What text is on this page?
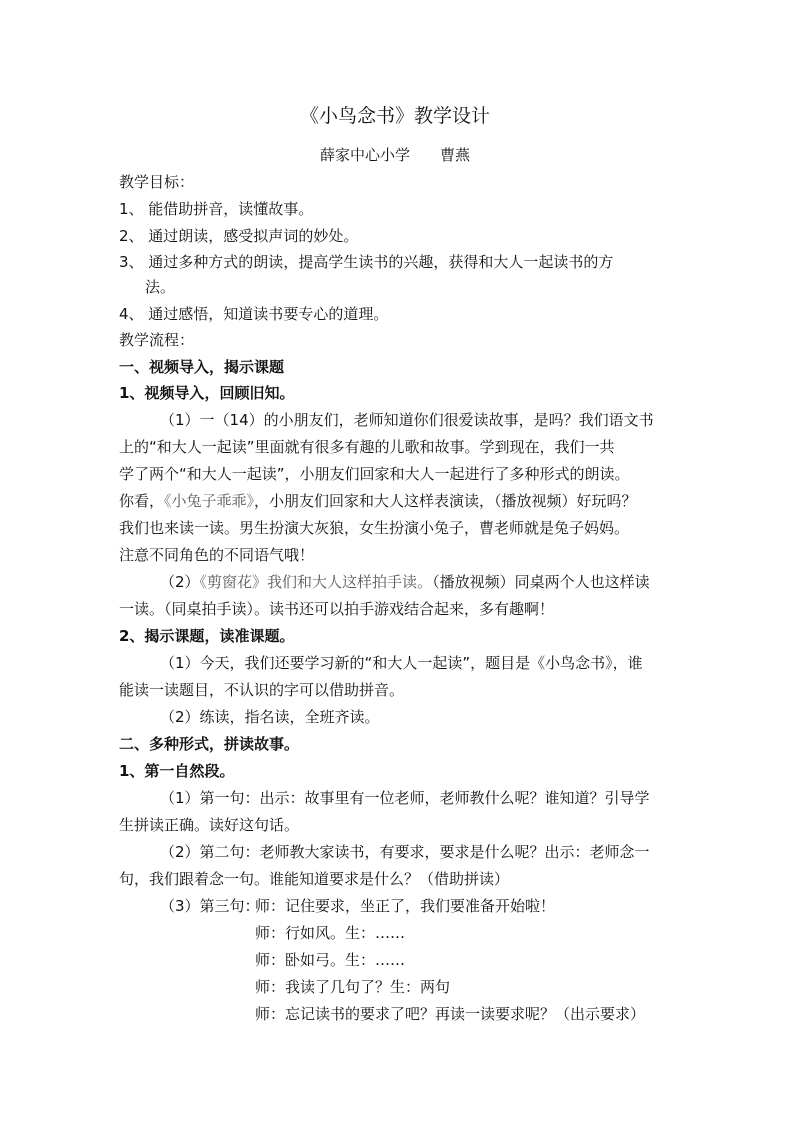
《小鸟念书》教学设计
薛家中心小学　　曹燕
教学目标：
1、 能借助拼音，读懂故事。
2、 通过朗读，感受拟声词的妙处。
3、 通过多种方式的朗读，提高学生读书的兴趣，获得和大人一起读书的方
法。
4、 通过感悟，知道读书要专心的道理。
教学流程：
一、视频导入，揭示课题
1、视频导入，回顾旧知。
（1）一（14）的小朋友们，老师知道你们很爱读故事，是吗？我们语文书
上的“和大人一起读”里面就有很多有趣的儿歌和故事。学到现在，我们一共
学了两个“和大人一起读”，小朋友们回家和大人一起进行了多种形式的朗读。
你看，《小兔子乖乖》，小朋友们回家和大人这样表演读，（播放视频）好玩吗？
我们也来读一读。男生扮演大灰狼，女生扮演小兔子，曹老师就是兔子妈妈。
注意不同角色的不同语气哦！
（2）《剪窗花》我们和大人这样拍手读。（播放视频）同桌两个人也这样读
一读。（同桌拍手读）。读书还可以拍手游戏结合起来，多有趣啊！
2、揭示课题，读准课题。
（1）今天，我们还要学习新的“和大人一起读”，题目是《小鸟念书》，谁
能读一读题目，不认识的字可以借助拼音。
（2）练读，指名读，全班齐读。
二、多种形式，拼读故事。
1、第一自然段。
（1）第一句：出示：故事里有一位老师，老师教什么呢？谁知道？引导学
生拼读正确。读好这句话。
（2）第二句：老师教大家读书，有要求，要求是什么呢？出示：老师念一
句，我们跟着念一句。谁能知道要求是什么？（借助拼读）
（3）第三句：
师：记住要求，坐正了，我们要准备开始啦！
师：行如风。生：……
师：卧如弓。生：……
师：我读了几句了？生：两句
师：忘记读书的要求了吧？再读一读要求呢？（出示要求）
